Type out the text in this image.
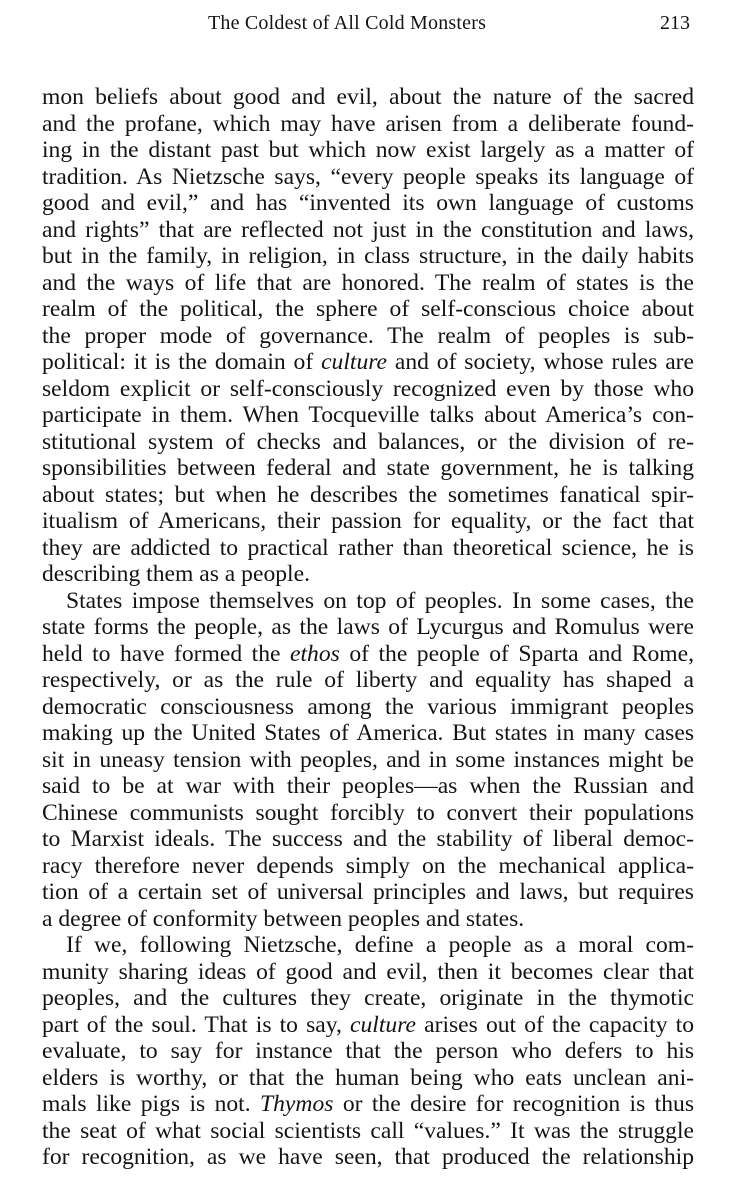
The Coldest of All Cold Monsters	213
mon beliefs about good and evil, about the nature of the sacred
and the profane, which may have arisen from a deliberate found-
ing in the distant past but which now exist largely as a matter of
tradition. As Nietzsche says, “every people speaks its language of
good and evil,” and has “invented its own language of customs
and rights” that are reflected not just in the constitution and laws,
but in the family, in religion, in class structure, in the daily habits
and the ways of life that are honored. The realm of states is the
realm of the political, the sphere of self-conscious choice about
the proper mode of governance. The realm of peoples is sub-
political: it is the domain of culture and of society, whose rules are
seldom explicit or self-consciously recognized even by those who
participate in them. When Tocqueville talks about America’s con-
stitutional system of checks and balances, or the division of re-
sponsibilities between federal and state government, he is talking
about states; but when he describes the sometimes fanatical spir-
itualism of Americans, their passion for equality, or the fact that
they are addicted to practical rather than theoretical science, he is
describing them as a people.
States impose themselves on top of peoples. In some cases, the
state forms the people, as the laws of Lycurgus and Romulus were
held to have formed the ethos of the people of Sparta and Rome,
respectively, or as the rule of liberty and equality has shaped a
democratic consciousness among the various immigrant peoples
making up the United States of America. But states in many cases
sit in uneasy tension with peoples, and in some instances might be
said to be at war with their peoples—as when the Russian and
Chinese communists sought forcibly to convert their populations
to Marxist ideals. The success and the stability of liberal democ-
racy therefore never depends simply on the mechanical applica-
tion of a certain set of universal principles and laws, but requires
a degree of conformity between peoples and states.
If we, following Nietzsche, define a people as a moral com-
munity sharing ideas of good and evil, then it becomes clear that
peoples, and the cultures they create, originate in the thymotic
part of the soul. That is to say, culture arises out of the capacity to
evaluate, to say for instance that the person who defers to his
elders is worthy, or that the human being who eats unclean ani-
mals like pigs is not. Thymos or the desire for recognition is thus
the seat of what social scientists call “values.” It was the struggle
for recognition, as we have seen, that produced the relationship
